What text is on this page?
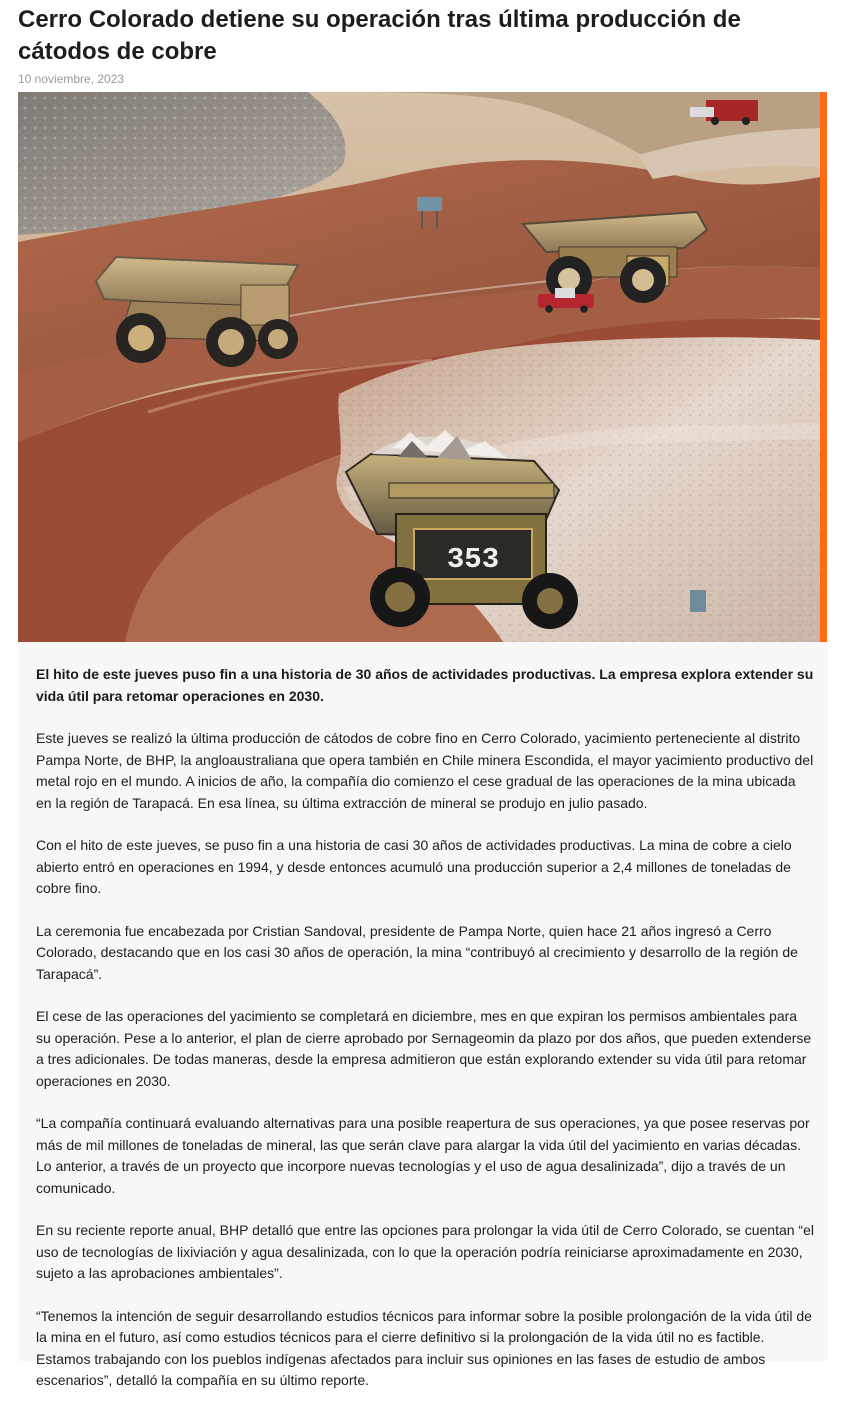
Cerro Colorado detiene su operación tras última producción de cátodos de cobre
10 noviembre, 2023
353

El hito de este jueves puso fin a una historia de 30 años de actividades productivas. La empresa explora extender su vida útil para retomar operaciones en 2030.

Este jueves se realizó la última producción de cátodos de cobre fino en Cerro Colorado, yacimiento perteneciente al distrito Pampa Norte, de BHP, la angloaustraliana que opera también en Chile minera Escondida, el mayor yacimiento productivo del metal rojo en el mundo. A inicios de año, la compañía dio comienzo el cese gradual de las operaciones de la mina ubicada en la región de Tarapacá. En esa línea, su última extracción de mineral se produjo en julio pasado.

Con el hito de este jueves, se puso fin a una historia de casi 30 años de actividades productivas. La mina de cobre a cielo abierto entró en operaciones en 1994, y desde entonces acumuló una producción superior a 2,4 millones de toneladas de cobre fino.

La ceremonia fue encabezada por Cristian Sandoval, presidente de Pampa Norte, quien hace 21 años ingresó a Cerro Colorado, destacando que en los casi 30 años de operación, la mina “contribuyó al crecimiento y desarrollo de la región de Tarapacá”.

El cese de las operaciones del yacimiento se completará en diciembre, mes en que expiran los permisos ambientales para su operación. Pese a lo anterior, el plan de cierre aprobado por Sernageomin da plazo por dos años, que pueden extenderse a tres adicionales. De todas maneras, desde la empresa admitieron que están explorando extender su vida útil para retomar operaciones en 2030.

“La compañía continuará evaluando alternativas para una posible reapertura de sus operaciones, ya que posee reservas por más de mil millones de toneladas de mineral, las que serán clave para alargar la vida útil del yacimiento en varias décadas. Lo anterior, a través de un proyecto que incorpore nuevas tecnologías y el uso de agua desalinizada”, dijo a través de un comunicado.

En su reciente reporte anual, BHP detalló que entre las opciones para prolongar la vida útil de Cerro Colorado, se cuentan “el uso de tecnologías de lixiviación y agua desalinizada, con lo que la operación podría reiniciarse aproximadamente en 2030, sujeto a las aprobaciones ambientales”.

“Tenemos la intención de seguir desarrollando estudios técnicos para informar sobre la posible prolongación de la vida útil de la mina en el futuro, así como estudios técnicos para el cierre definitivo si la prolongación de la vida útil no es factible. Estamos trabajando con los pueblos indígenas afectados para incluir sus opiniones en las fases de estudio de ambos escenarios”, detalló la compañía en su último reporte.
